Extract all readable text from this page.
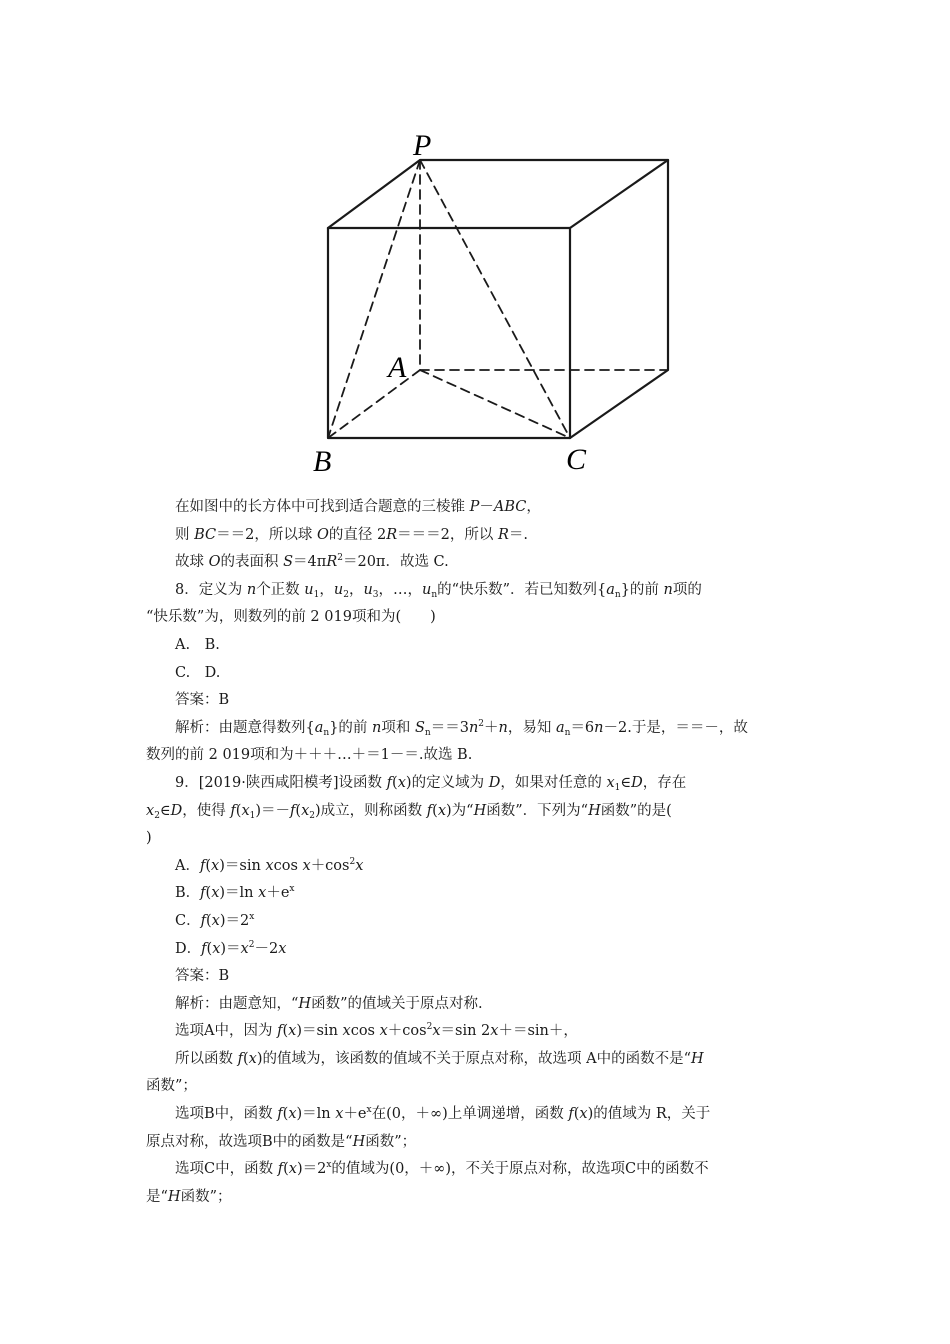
P
A
B	C
在如图中的长方体中可找到适合题意的三棱锥 P－ABC，
则 BC＝＝2，所以球 O的直径 2R＝＝＝2，所以 R＝.
故球 O的表面积 $S=4\pi R^2=20\pi$．故选 C.
8．定义为 n个正数 $u_1$，$u_2$，$u_3$，…，$u_n$的“快乐数”．若已知数列$\{a_n\}$的前 n项的
“快乐数”为，则数列的前 2 019项和为(　　)
A.　B.
C.　D.
答案：B
解析：由题意得数列$\{a_n\}$的前 n项和 $S_n==3n^2+n$，易知 $a_n=6n-2$.于是，＝＝－，故
数列的前 2 019项和为＋＋＋…＋＝1－＝.故选 B.
9．[2019·陕西咸阳模考]设函数 f(x)的定义域为 D，如果对任意的 $x_1\in D$，存在
$x_2\in D$，使得 $f(x_1)=-f(x_2)$成立，则称函数 f(x)为“H函数”．下列为“H函数”的是(
)
A．f(x)＝sin xcos $x+\cos^2x$
B．f(x)＝ln $x+e^x$
C．$f(x)=2^x$
D．$f(x)=x^2-2x$
答案：B
解析：由题意知，“H函数”的值域关于原点对称.
选项A中，因为 f(x)＝sin xcos $x+\cos^2x=\sin$ 2x＋＝sin＋，
所以函数 f(x)的值域为，该函数的值域不关于原点对称，故选项 A中的函数不是“H
函数”；
选项B中，函数 f(x)＝ln $x+e^x$在(0，＋∞)上单调递增，函数 f(x)的值域为 R，关于
原点对称，故选项B中的函数是“H函数”；
选项C中，函数 $f(x)=2^x$的值域为(0，＋∞)，不关于原点对称，故选项C中的函数不
是“H函数”；
